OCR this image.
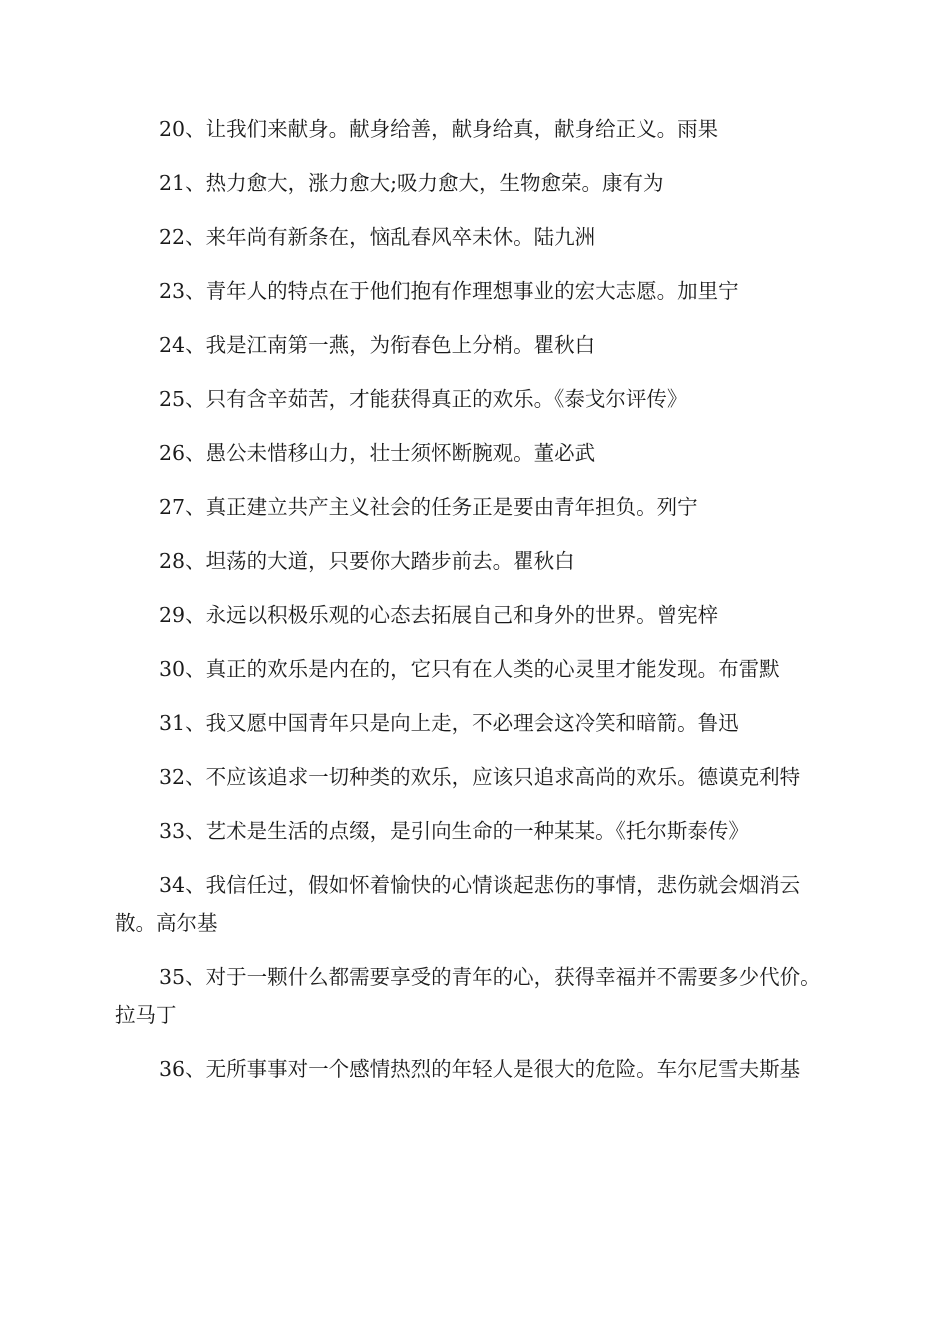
20、让我们来献身。献身给善，献身给真，献身给正义。雨果

21、热力愈大，涨力愈大;吸力愈大，生物愈荣。康有为

22、来年尚有新条在，恼乱春风卒未休。陆九洲

23、青年人的特点在于他们抱有作理想事业的宏大志愿。加里宁

24、我是江南第一燕，为衔春色上分梢。瞿秋白

25、只有含辛茹苦，才能获得真正的欢乐。《泰戈尔评传》

26、愚公未惜移山力，壮士须怀断腕观。董必武

27、真正建立共产主义社会的任务正是要由青年担负。列宁

28、坦荡的大道，只要你大踏步前去。瞿秋白

29、永远以积极乐观的心态去拓展自己和身外的世界。曾宪梓

30、真正的欢乐是内在的，它只有在人类的心灵里才能发现。布雷默

31、我又愿中国青年只是向上走，不必理会这冷笑和暗箭。鲁迅

32、不应该追求一切种类的欢乐，应该只追求高尚的欢乐。德谟克利特

33、艺术是生活的点缀，是引向生命的一种某某。《托尔斯泰传》

34、我信任过，假如怀着愉快的心情谈起悲伤的事情，悲伤就会烟消云散。高尔基

35、对于一颗什么都需要享受的青年的心，获得幸福并不需要多少代价。拉马丁

36、无所事事对一个感情热烈的年轻人是很大的危险。车尔尼雪夫斯基
